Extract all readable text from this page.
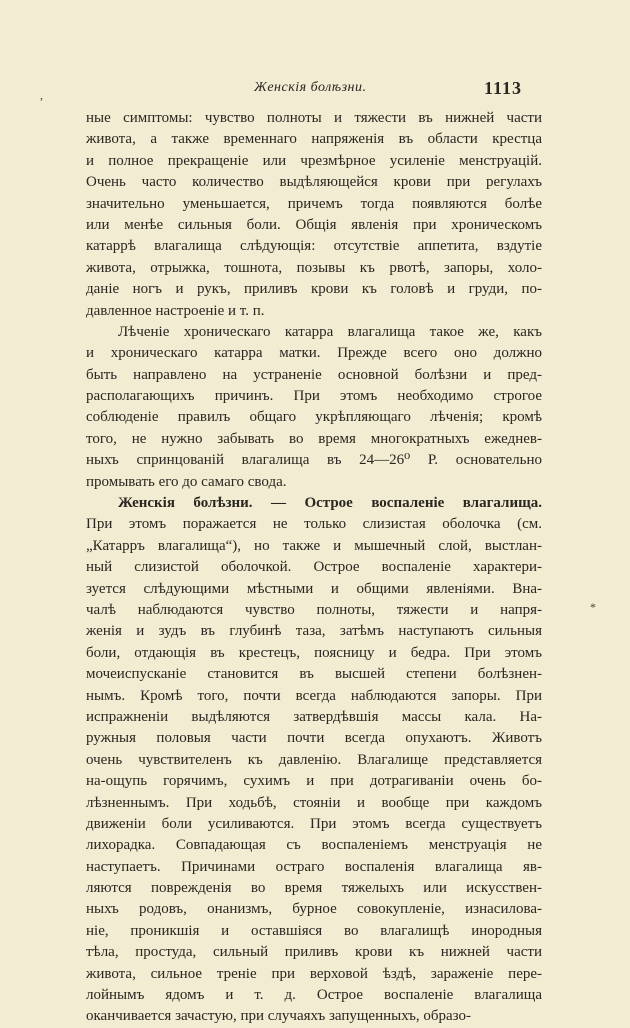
,
*
Женскія болѣзни.	1113
ные симптомы: чувство полноты и тяжести въ нижней части
живота, а также временнаго напряженія въ области крестца
и полное прекращеніе или чрезмѣрное усиленіе менструацій.
Очень часто количество выдѣляющейся крови при регулахъ
значительно уменьшается, причемъ тогда появляются болѣе
или менѣе сильныя боли. Общія явленія при хроническомъ
катаррѣ влагалища слѣдующія: отсутствіе аппетита, вздутіе
живота, отрыжка, тошнота, позывы къ рвотѣ, запоры, холо-
даніе ногъ и рукъ, приливъ крови къ головѣ и груди, по-
давленное настроеніе и т. п.
Лѣченіе хроническаго катарра влагалища такое же, какъ
и хроническаго катарра матки. Прежде всего оно должно
быть направлено на устраненіе основной болѣзни и пред-
располагающихъ причинъ. При этомъ необходимо строгое
соблюденіе правилъ общаго укрѣпляющаго лѣченія; кромѣ
того, не нужно забывать во время многократныхъ ежеднев-
ныхъ спринцованій влагалища въ 24—26⁰ Р. основательно
промывать его до самаго свода.
Женскія болѣзни. — Острое воспаленіе влагалища.
При этомъ поражается не только слизистая оболочка (см.
„Катарръ влагалища“), но также и мышечный слой, выстлан-
ный слизистой оболочкой. Острое воспаленіе характери-
зуется слѣдующими мѣстными и общими явленіями. Вна-
чалѣ наблюдаются чувство полноты, тяжести и напря-
женія и зудъ въ глубинѣ таза, затѣмъ наступаютъ сильныя
боли, отдающія въ крестецъ, поясницу и бедра. При этомъ
мочеиспусканіе становится въ высшей степени болѣзнен-
нымъ. Кромѣ того, почти всегда наблюдаются запоры. При
испражненіи выдѣляются затвердѣвшія массы кала. На-
ружныя половыя части почти всегда опухаютъ. Животъ
очень чувствителенъ къ давленію. Влагалище представляется
на-ощупь горячимъ, сухимъ и при дотрагиваніи очень бо-
лѣзненнымъ. При ходьбѣ, стояніи и вообще при каждомъ
движеніи боли усиливаются. При этомъ всегда существуетъ
лихорадка. Совпадающая съ воспаленіемъ менструація не
наступаетъ. Причинами остраго воспаленія влагалища яв-
ляются поврежденія во время тяжелыхъ или искусствен-
ныхъ родовъ, онанизмъ, бурное совокупленіе, изнасилова-
ніе, проникшія и оставшіяся во влагалищѣ инородныя
тѣла, простуда, сильный приливъ крови къ нижней части
живота, сильное треніе при верховой ѣздѣ, зараженіе пере-
лойнымъ ядомъ и т. д. Острое воспаленіе влагалища
оканчивается зачастую, при случаяхъ запущенныхъ, образо-
